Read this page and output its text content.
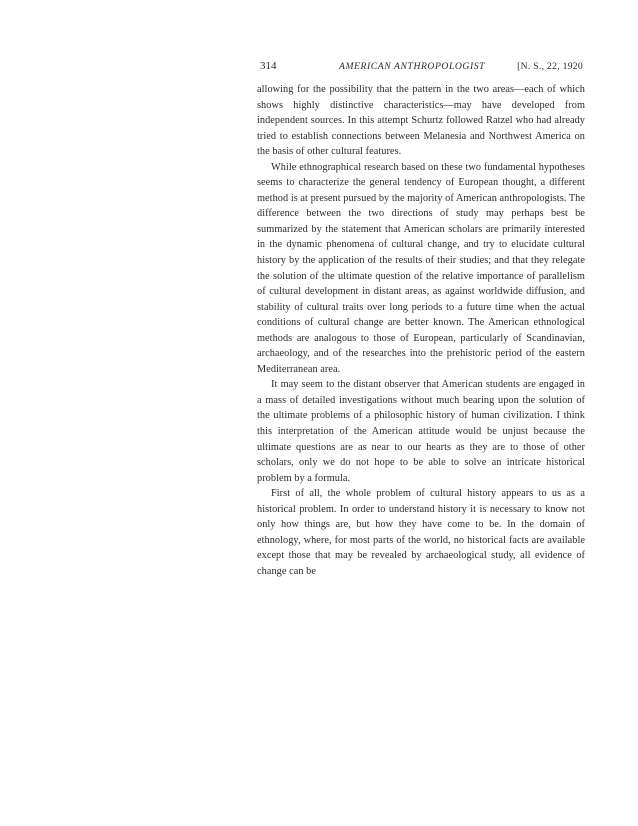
314	AMERICAN ANTHROPOLOGIST	[N. S., 22, 1920

allowing for the possibility that the pattern in the two areas—each of which shows highly distinctive characteristics—may have developed from independent sources. In this attempt Schurtz followed Ratzel who had already tried to establish connections between Melanesia and Northwest America on the basis of other cultural features.

While ethnographical research based on these two fundamental hypotheses seems to characterize the general tendency of European thought, a different method is at present pursued by the majority of American anthropologists. The difference between the two directions of study may perhaps best be summarized by the statement that American scholars are primarily interested in the dynamic phenomena of cultural change, and try to elucidate cultural history by the application of the results of their studies; and that they relegate the solution of the ultimate question of the relative importance of parallelism of cultural development in distant areas, as against worldwide diffusion, and stability of cultural traits over long periods to a future time when the actual conditions of cultural change are better known. The American ethnological methods are analogous to those of European, particularly of Scandinavian, archaeology, and of the researches into the prehistoric period of the eastern Mediterranean area.

It may seem to the distant observer that American students are engaged in a mass of detailed investigations without much bearing upon the solution of the ultimate problems of a philosophic history of human civilization. I think this interpretation of the American attitude would be unjust because the ultimate questions are as near to our hearts as they are to those of other scholars, only we do not hope to be able to solve an intricate historical problem by a formula.

First of all, the whole problem of cultural history appears to us as a historical problem. In order to understand history it is necessary to know not only how things are, but how they have come to be. In the domain of ethnology, where, for most parts of the world, no historical facts are available except those that may be revealed by archaeological study, all evidence of change can be
